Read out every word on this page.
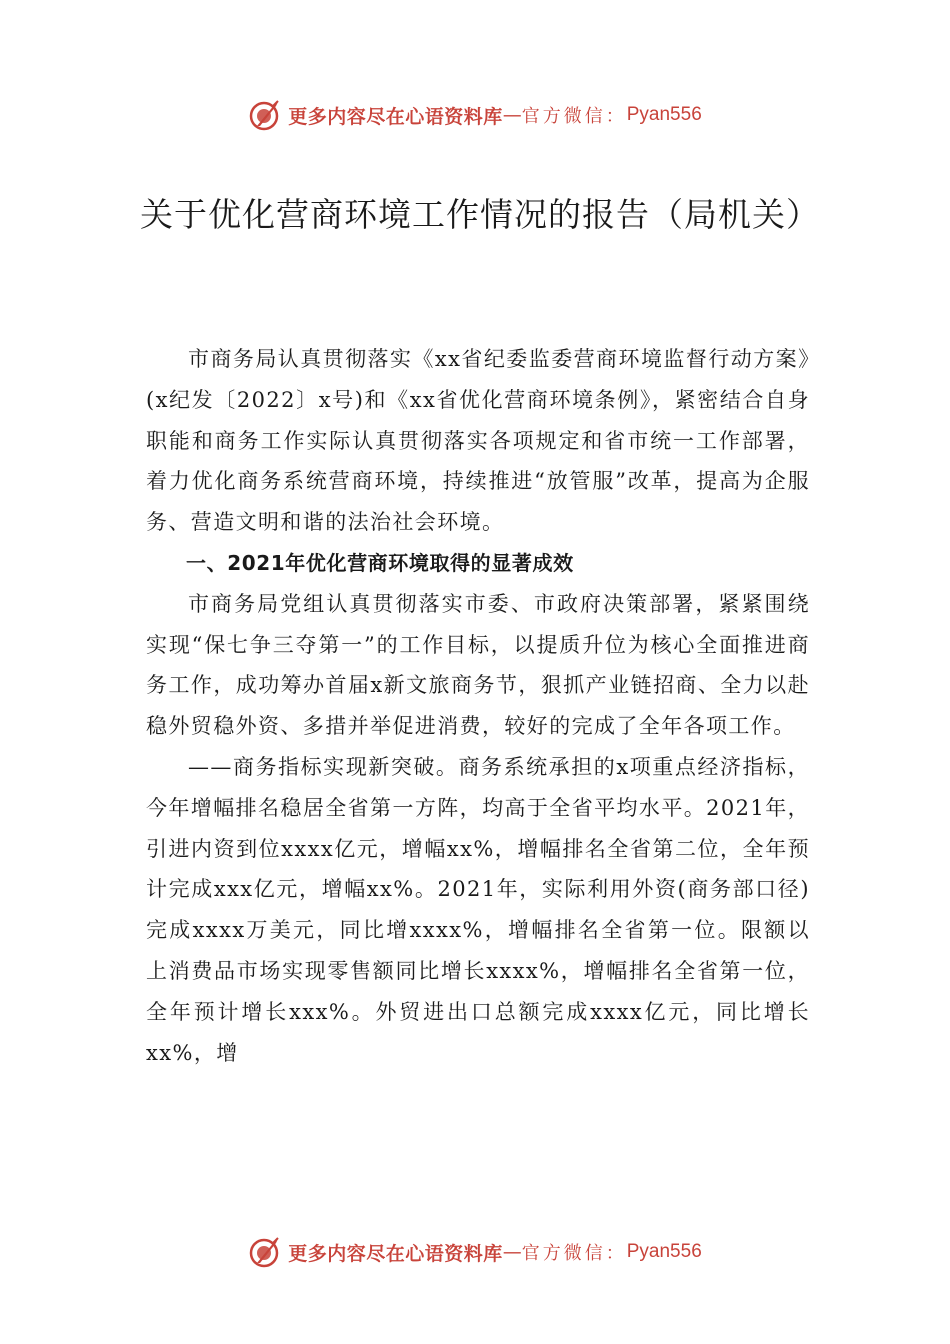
更多内容尽在心语资料库 — 官方微信： Pyan556
关于优化营商环境工作情况的报告（局机关）

市商务局认真贯彻落实《xx省纪委监委营商环境监督行动方案》(x纪发〔2022〕x号)和《xx省优化营商环境条例》，紧密结合自身职能和商务工作实际认真贯彻落实各项规定和省市统一工作部署，着力优化商务系统营商环境，持续推进“放管服”改革，提高为企服务、营造文明和谐的法治社会环境。

一、2021年优化营商环境取得的显著成效

市商务局党组认真贯彻落实市委、市政府决策部署，紧紧围绕实现“保七争三夺第一”的工作目标，以提质升位为核心全面推进商务工作，成功筹办首届x新文旅商务节，狠抓产业链招商、全力以赴稳外贸稳外资、多措并举促进消费，较好的完成了全年各项工作。

——商务指标实现新突破。商务系统承担的x项重点经济指标，今年增幅排名稳居全省第一方阵，均高于全省平均水平。2021年，引进内资到位xxxx亿元，增幅xx%，增幅排名全省第二位，全年预计完成xxx亿元，增幅xx%。2021年，实际利用外资(商务部口径)完成xxxx万美元，同比增xxxx%，增幅排名全省第一位。限额以上消费品市场实现零售额同比增长xxxx%，增幅排名全省第一位，全年预计增长xxx%。外贸进出口总额完成xxxx亿元，同比增长xx%，增

更多内容尽在心语资料库 — 官方微信： Pyan556
